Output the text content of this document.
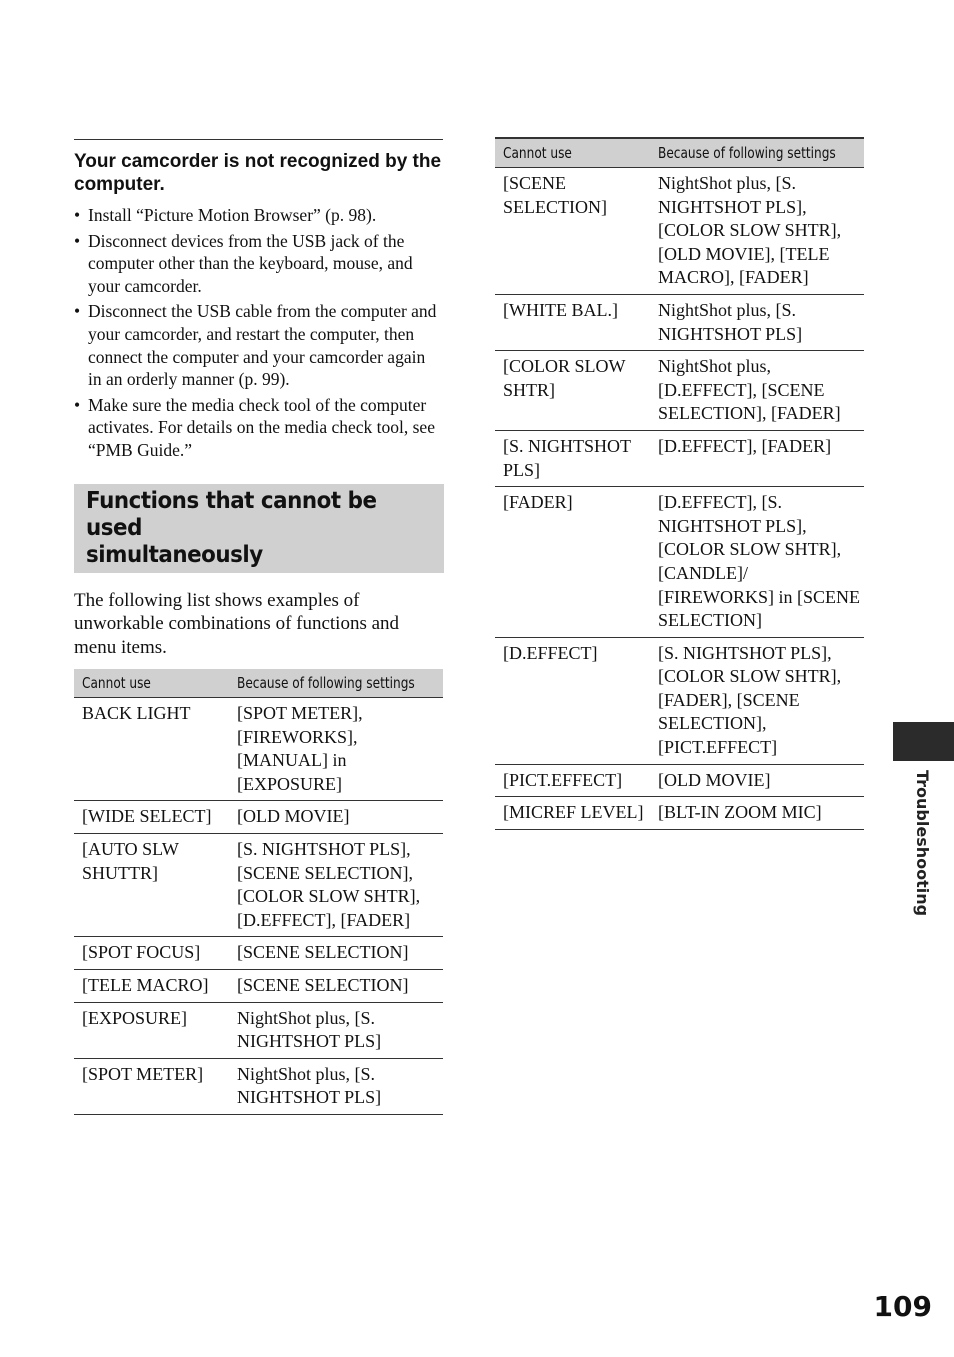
Your camcorder is not recognized by the computer.
• Install “Picture Motion Browser” (p. 98).
• Disconnect devices from the USB jack of the computer other than the keyboard, mouse, and your camcorder.
• Disconnect the USB cable from the computer and your camcorder, and restart the computer, then connect the computer and your camcorder again in an orderly manner (p. 99).
• Make sure the media check tool of the computer activates. For details on the media check tool, see “PMB Guide.”
Functions that cannot be used
simultaneously

The following list shows examples of unworkable combinations of functions and menu items.

Cannot use	Because of following settings
BACK LIGHT	[SPOT METER], [FIREWORKS], [MANUAL] in [EXPOSURE]
[WIDE SELECT]	[OLD MOVIE]
[AUTO SLW SHUTTR]	[S. NIGHTSHOT PLS], [SCENE SELECTION], [COLOR SLOW SHTR], [D.EFFECT], [FADER]
[SPOT FOCUS]	[SCENE SELECTION]
[TELE MACRO]	[SCENE SELECTION]
[EXPOSURE]	NightShot plus, [S. NIGHTSHOT PLS]
[SPOT METER]	NightShot plus, [S. NIGHTSHOT PLS]
Cannot use	Because of following settings
[SCENE SELECTION]	NightShot plus, [S. NIGHTSHOT PLS], [COLOR SLOW SHTR], [OLD MOVIE], [TELE MACRO], [FADER]
[WHITE BAL.]	NightShot plus, [S. NIGHTSHOT PLS]
[COLOR SLOW SHTR]	NightShot plus, [D.EFFECT], [SCENE SELECTION], [FADER]
[S. NIGHTSHOT PLS]	[D.EFFECT], [FADER]
[FADER]	[D.EFFECT], [S. NIGHTSHOT PLS], [COLOR SLOW SHTR], [CANDLE]/ [FIREWORKS] in [SCENE SELECTION]
[D.EFFECT]	[S. NIGHTSHOT PLS], [COLOR SLOW SHTR], [FADER], [SCENE SELECTION], [PICT.EFFECT]
[PICT.EFFECT]	[OLD MOVIE]
[MICREF LEVEL]	[BLT-IN ZOOM MIC]	Troubleshooting
109
